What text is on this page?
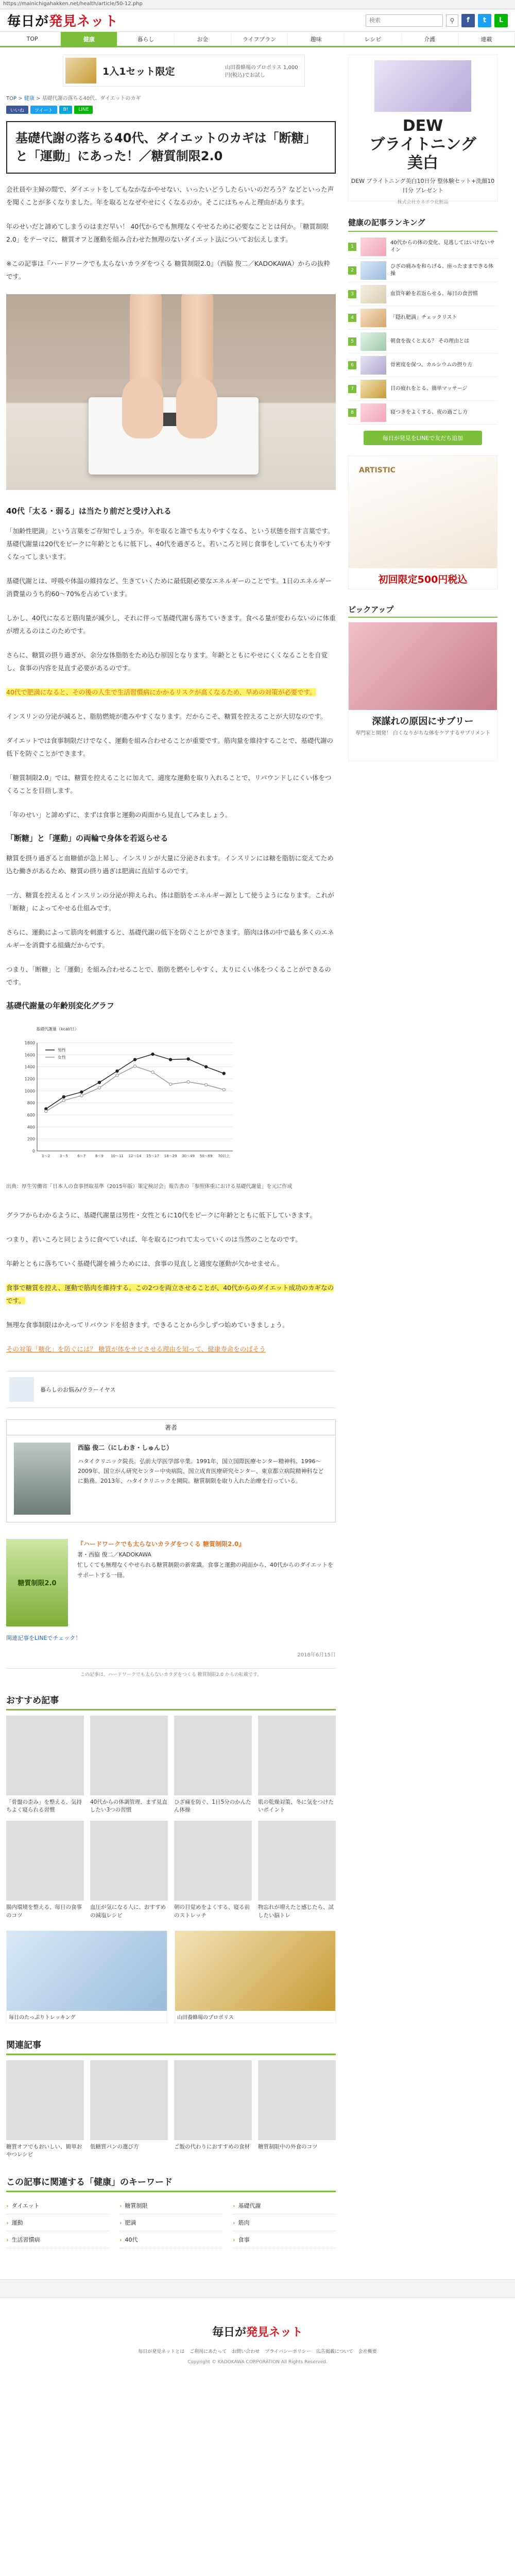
https://mainichigahakken.net/health/article/50-12.php
毎日が発見ネット
検索	⚲	f	t	L
TOP	健康	暮らし	お金	ライフプラン	趣味	レシピ	介護	連載
1入1セット限定	山田養蜂場のプロポリス 1,000円(税込)でお試し
TOP > 健康 > 基礎代謝の落ちる40代、ダイエットのカギ
いいね	ツイート	B!	LINE
基礎代謝の落ちる40代、ダイエットのカギは「断糖」と「運動」にあった！／糖質制限2.0

会社員や主婦の間で、ダイエットをしてもなかなかやせない、いったいどうしたらいいのだろう？などといった声を聞くことが多くなりました。年を取るとなぜやせにくくなるのか。そこにはちゃんと理由があります。

年のせいだと諦めてしまうのはまだ早い！ 40代からでも無理なくやせるために必要なこととは何か。「糖質制限2.0」をテーマに、糖質オフと運動を組み合わせた無理のないダイエット法についてお伝えします。

※この記事は『ハードワークでも太らないカラダをつくる 糖質制限2.0』（西脇 俊二／KADOKAWA）からの抜粋です。

40代「太る・弱る」は当たり前だと受け入れる

「加齢性肥満」という言葉をご存知でしょうか。年を取ると誰でも太りやすくなる、という状態を指す言葉です。基礎代謝量は20代をピークに年齢とともに低下し、40代を過ぎると、若いころと同じ食事をしていても太りやすくなってしまいます。

基礎代謝とは、呼吸や体温の維持など、生きていくために最低限必要なエネルギーのことです。1日のエネルギー消費量のうち約60〜70%を占めています。

しかし、40代になると筋肉量が減少し、それに伴って基礎代謝も落ちていきます。食べる量が変わらないのに体重が増えるのはこのためです。

さらに、糖質の摂り過ぎが、余分な体脂肪をため込む原因となります。年齢とともにやせにくくなることを自覚し、食事の内容を見直す必要があるのです。

40代で肥満になると、その後の人生で生活習慣病にかかるリスクが高くなるため、早めの対策が必要です。

インスリンの分泌が減ると、脂肪燃焼が進みやすくなります。だからこそ、糖質を控えることが大切なのです。

ダイエットでは食事制限だけでなく、運動を組み合わせることが重要です。筋肉量を維持することで、基礎代謝の低下を防ぐことができます。

「糖質制限2.0」では、糖質を控えることに加えて、適度な運動を取り入れることで、リバウンドしにくい体をつくることを目指します。

「年のせい」と諦めずに、まずは食事と運動の両面から見直してみましょう。

「断糖」と「運動」の両輪で身体を若返らせる

糖質を摂り過ぎると血糖値が急上昇し、インスリンが大量に分泌されます。インスリンには糖を脂肪に変えてため込む働きがあるため、糖質の摂り過ぎは肥満に直結するのです。

一方、糖質を控えるとインスリンの分泌が抑えられ、体は脂肪をエネルギー源として使うようになります。これが「断糖」によってやせる仕組みです。

さらに、運動によって筋肉を刺激すると、基礎代謝の低下を防ぐことができます。筋肉は体の中で最も多くのエネルギーを消費する組織だからです。

つまり、「断糖」と「運動」を組み合わせることで、脂肪を燃やしやすく、太りにくい体をつくることができるのです。

基礎代謝量の年齢別変化グラフ
基礎代謝量（kcal/日）
0
200
400
600
800
1000
1200
1400
1600
1800
1〜2	3〜5	6〜7	8〜9 10〜11 12〜14 15〜17 18〜29 30〜49 50〜69 70以上
男性
女性
出典：厚生労働省「日本人の食事摂取基準（2015年版）策定検討会」報告書の「参照体重における基礎代謝量」を元に作成

グラフからわかるように、基礎代謝量は男性・女性ともに10代をピークに年齢とともに低下していきます。

つまり、若いころと同じように食べていれば、年を取るにつれて太っていくのは当然のことなのです。

年齢とともに落ちていく基礎代謝を補うためには、食事の見直しと適度な運動が欠かせません。

食事で糖質を控え、運動で筋肉を維持する。この2つを両立させることが、40代からのダイエット成功のカギなのです。

無理な食事制限はかえってリバウンドを招きます。できることから少しずつ始めていきましょう。

その対策「糖化」を防ぐには？ 糖質が体をサビさせる理由を知って、健康寿命をのばそう
暮らしのお悩み/ウラーイヤス
著者
西脇 俊二（にしわき・しゅんじ）
ハタイクリニック院長。弘前大学医学部卒業。1991年、国立国際医療センター精神科。1996〜2009年、国立がん研究センター中央病院、国立成育医療研究センター、東京都立病院精神科などに勤務。2013年、ハタイクリニックを開院。糖質制限を取り入れた治療を行っている。
糖質制限2.0
『ハードワークでも太らないカラダをつくる 糖質制限2.0』
著・西脇 俊二／KADOKAWA
忙しくても無理なくやせられる糖質制限の新常識。食事と運動の両面から、40代からのダイエットをサポートする一冊。
関連記事をLINEでチェック！
2018年6月15日
この記事は、ハードワークでも太らないカラダをつくる 糖質制限2.0 からの転載です。
おすすめ記事
「骨盤の歪み」を整える、気持ちよく寝られる習慣
40代からの体調管理、まず見直したい3つの習慣
ひざ痛を防ぐ、1日5分のかんたん体操
肌の乾燥対策、冬に気をつけたいポイント
腸内環境を整える、毎日の食事のコツ
血圧が気になる人に、おすすめの減塩レシピ
朝の目覚めをよくする、寝る前のストレッチ
物忘れが増えたと感じたら、試したい脳トレ
毎日のたっぷりトレッキング	山田養蜂場のプロポリス
関連記事
糖質オフでもおいしい、簡単おやつレシピ
低糖質パンの選び方	ご飯の代わりにおすすめの食材	糖質制限中の外食のコツ
この記事に関連する「健康」のキーワード
› ダイエット	› 糖質制限	› 基礎代謝
› 運動	› 肥満	› 筋肉
› 生活習慣病	› 40代	› 食事
DEW
ブライトニング
美白
DEW ブライトニング美白10日分 整体験セット+洗顔10日分 プレゼント
株式会社カネボウ化粧品
健康の記事ランキング
1
40代からの体の変化、見逃してはいけないサイン
2
ひざの痛みを和らげる、座ったままできる体操
3	血管年齢を若返らせる、毎日の食習慣
4	「隠れ肥満」チェックリスト
5	朝食を抜くと太る？ その理由とは
6	骨密度を保つ、カルシウムの摂り方
7	目の疲れをとる、簡単マッサージ
8	寝つきをよくする、夜の過ごし方
毎日が発見をLINEで友だち追加
ARTISTIC
初回限定500円税込
ピックアップ
深謀れの原因にサブリー
専門家と開発！ 白くなりがちな体をケアするサプリメント
毎日が発見ネット
毎日が発見ネットとは ご利用にあたって お問い合わせ プライバシーポリシー 広告掲載について 会社概要
Copyright © KADOKAWA CORPORATION All Rights Reserved.
